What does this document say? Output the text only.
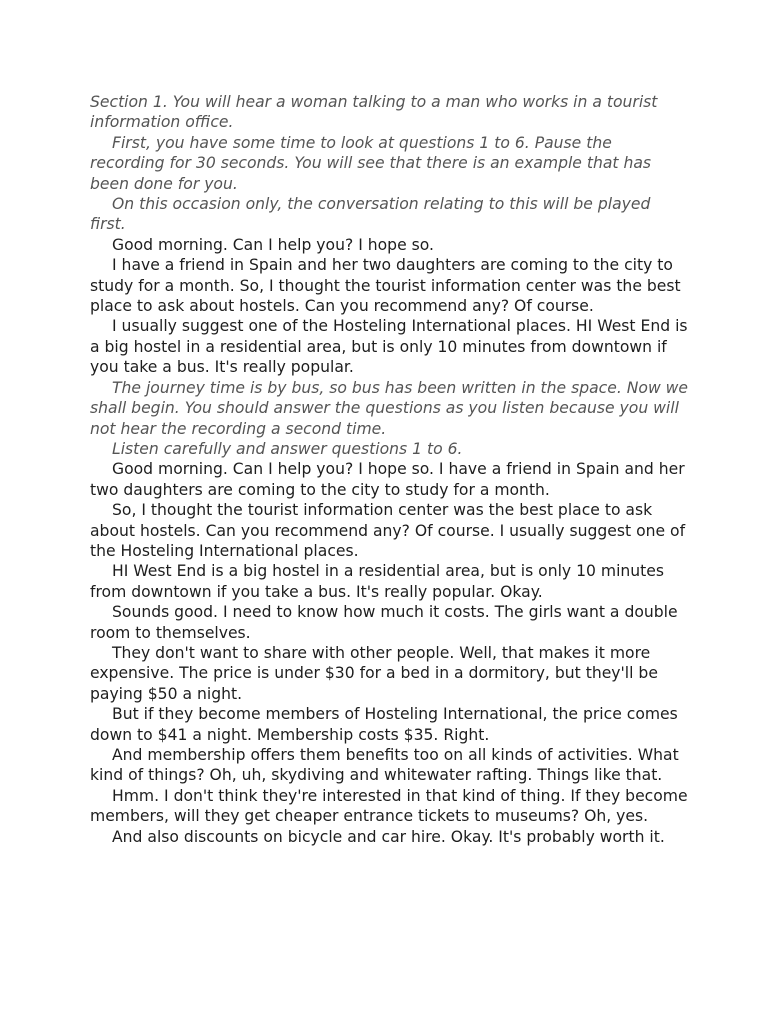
Section 1. You will hear a woman talking to a man who works in a tourist information office.

First, you have some time to look at questions 1 to 6. Pause the recording for 30 seconds. You will see that there is an example that has been done for you.

On this occasion only, the conversation relating to this will be played first.

Good morning. Can I help you? I hope so.

I have a friend in Spain and her two daughters are coming to the city to study for a month. So, I thought the tourist information center was the best place to ask about hostels. Can you recommend any? Of course.

I usually suggest one of the Hosteling International places. HI West End is a big hostel in a residential area, but is only 10 minutes from downtown if you take a bus. It's really popular.

The journey time is by bus, so bus has been written in the space. Now we shall begin. You should answer the questions as you listen because you will not hear the recording a second time.

Listen carefully and answer questions 1 to 6.

Good morning. Can I help you? I hope so. I have a friend in Spain and her two daughters are coming to the city to study for a month.

So, I thought the tourist information center was the best place to ask about hostels. Can you recommend any? Of course. I usually suggest one of the Hosteling International places.

HI West End is a big hostel in a residential area, but is only 10 minutes from downtown if you take a bus. It's really popular. Okay.

Sounds good. I need to know how much it costs. The girls want a double room to themselves.

They don't want to share with other people. Well, that makes it more expensive. The price is under $30 for a bed in a dormitory, but they'll be paying $50 a night.

But if they become members of Hosteling International, the price comes down to $41 a night. Membership costs $35. Right.

And membership offers them benefits too on all kinds of activities. What kind of things? Oh, uh, skydiving and whitewater rafting. Things like that.

Hmm. I don't think they're interested in that kind of thing. If they become members, will they get cheaper entrance tickets to museums? Oh, yes.

And also discounts on bicycle and car hire. Okay. It's probably worth it.
